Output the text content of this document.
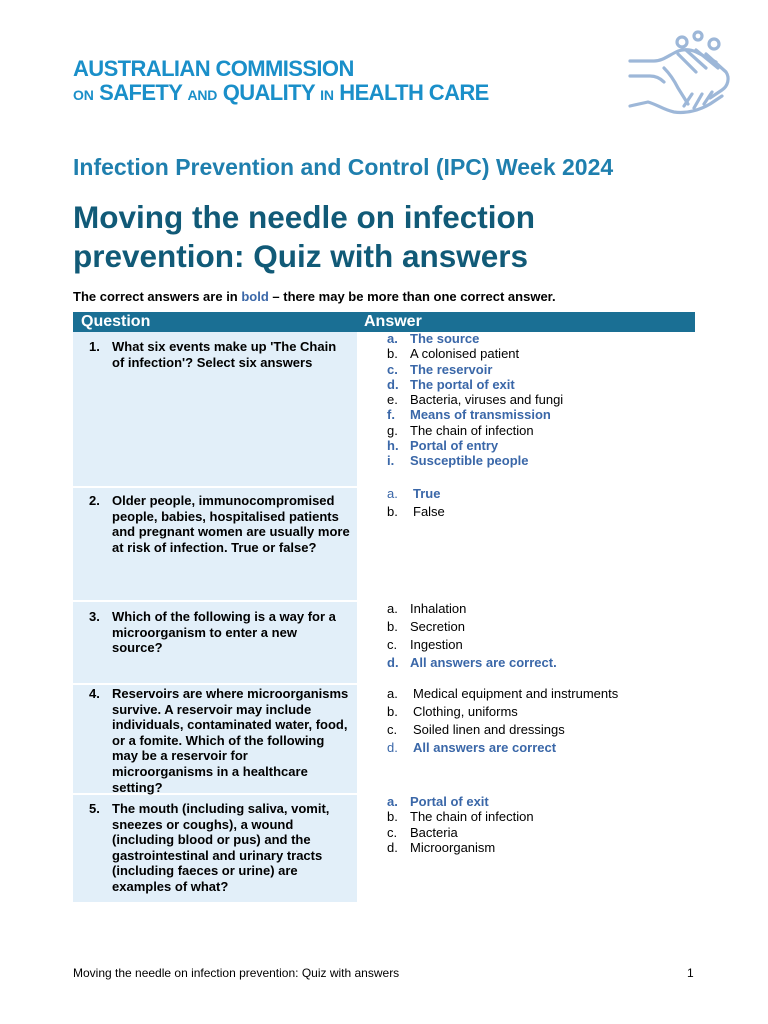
AUSTRALIAN COMMISSION
ON SAFETY AND QUALITY IN HEALTH CARE
Infection Prevention and Control (IPC) Week 2024
Moving the needle on infection prevention: Quiz with answers
The correct answers are in bold – there may be more than one correct answer.
Question	Answer
1. What six events make up 'The Chain of infection'? Select six answers
a. The source
b. A colonised patient
c. The reservoir
d. The portal of exit
e. Bacteria, viruses and fungi
f. Means of transmission
g. The chain of infection
h. Portal of entry
i. Susceptible people
2. Older people, immunocompromised people, babies, hospitalised patients and pregnant women are usually more at risk of infection. True or false?
a. True
b. False
3. Which of the following is a way for a microorganism to enter a new source?
a. Inhalation
b. Secretion
c. Ingestion
d. All answers are correct.
4. Reservoirs are where microorganisms survive. A reservoir may include individuals, contaminated water, food, or a fomite. Which of the following may be a reservoir for microorganisms in a healthcare setting?
a. Medical equipment and instruments
b. Clothing, uniforms
c. Soiled linen and dressings
d. All answers are correct
5. The mouth (including saliva, vomit, sneezes or coughs), a wound (including blood or pus) and the gastrointestinal and urinary tracts (including faeces or urine) are examples of what?
a. Portal of exit
b. The chain of infection
c. Bacteria
d. Microorganism
Moving the needle on infection prevention: Quiz with answers	1
